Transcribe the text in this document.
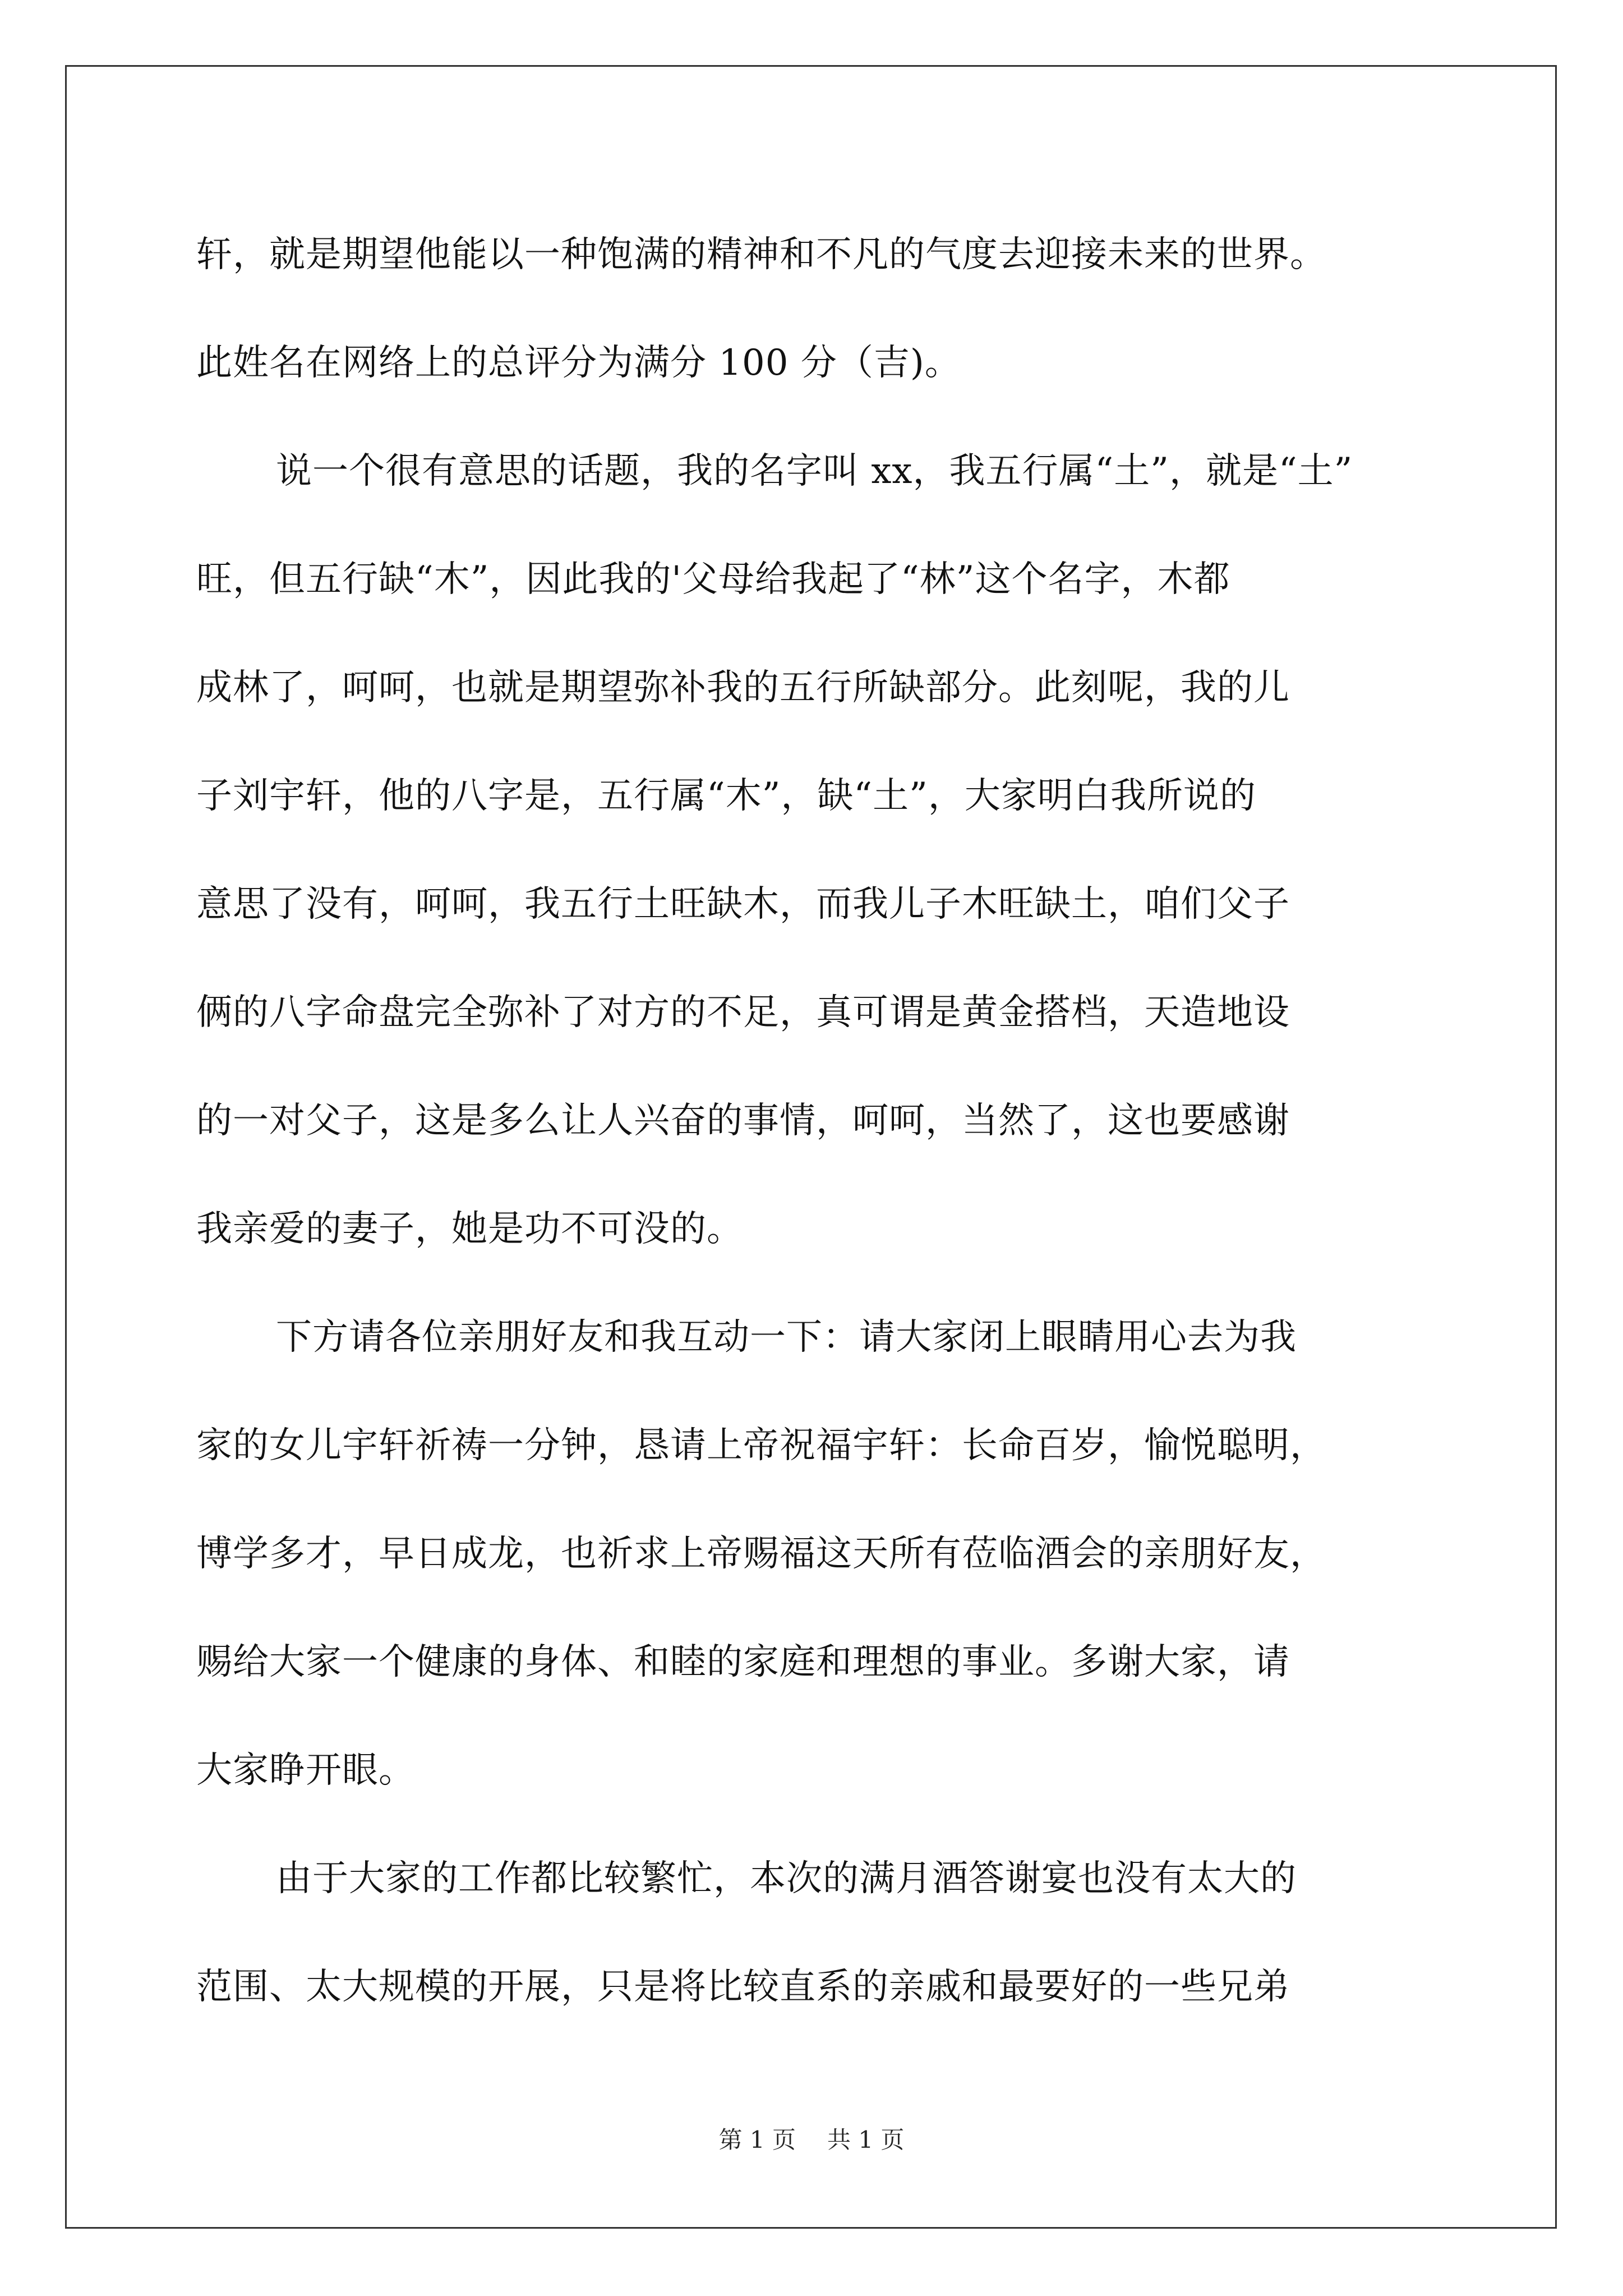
轩，就是期望他能以一种饱满的精神和不凡的气度去迎接未来的世界。
此姓名在网络上的总评分为满分 100 分（吉)。

说一个很有意思的话题，我的名字叫 xx，我五行属“土”，就是“土”

旺，但五行缺“木”，因此我的'父母给我起了“林”这个名字，木都
成林了，呵呵，也就是期望弥补我的五行所缺部分。此刻呢，我的儿
子刘宇轩，他的八字是，五行属“木”，缺“土”，大家明白我所说的
意思了没有，呵呵，我五行土旺缺木，而我儿子木旺缺土，咱们父子
俩的八字命盘完全弥补了对方的不足，真可谓是黄金搭档，天造地设
的一对父子，这是多么让人兴奋的事情，呵呵，当然了，这也要感谢
我亲爱的妻子，她是功不可没的。

下方请各位亲朋好友和我互动一下：请大家闭上眼睛用心去为我

家的女儿宇轩祈祷一分钟，恳请上帝祝福宇轩：长命百岁，愉悦聪明，
博学多才，早日成龙，也祈求上帝赐福这天所有莅临酒会的亲朋好友，
赐给大家一个健康的身体、和睦的家庭和理想的事业。多谢大家，请
大家睁开眼。

由于大家的工作都比较繁忙，本次的满月酒答谢宴也没有太大的

范围、太大规模的开展，只是将比较直系的亲戚和最要好的一些兄弟

第 1 页 共 1 页
